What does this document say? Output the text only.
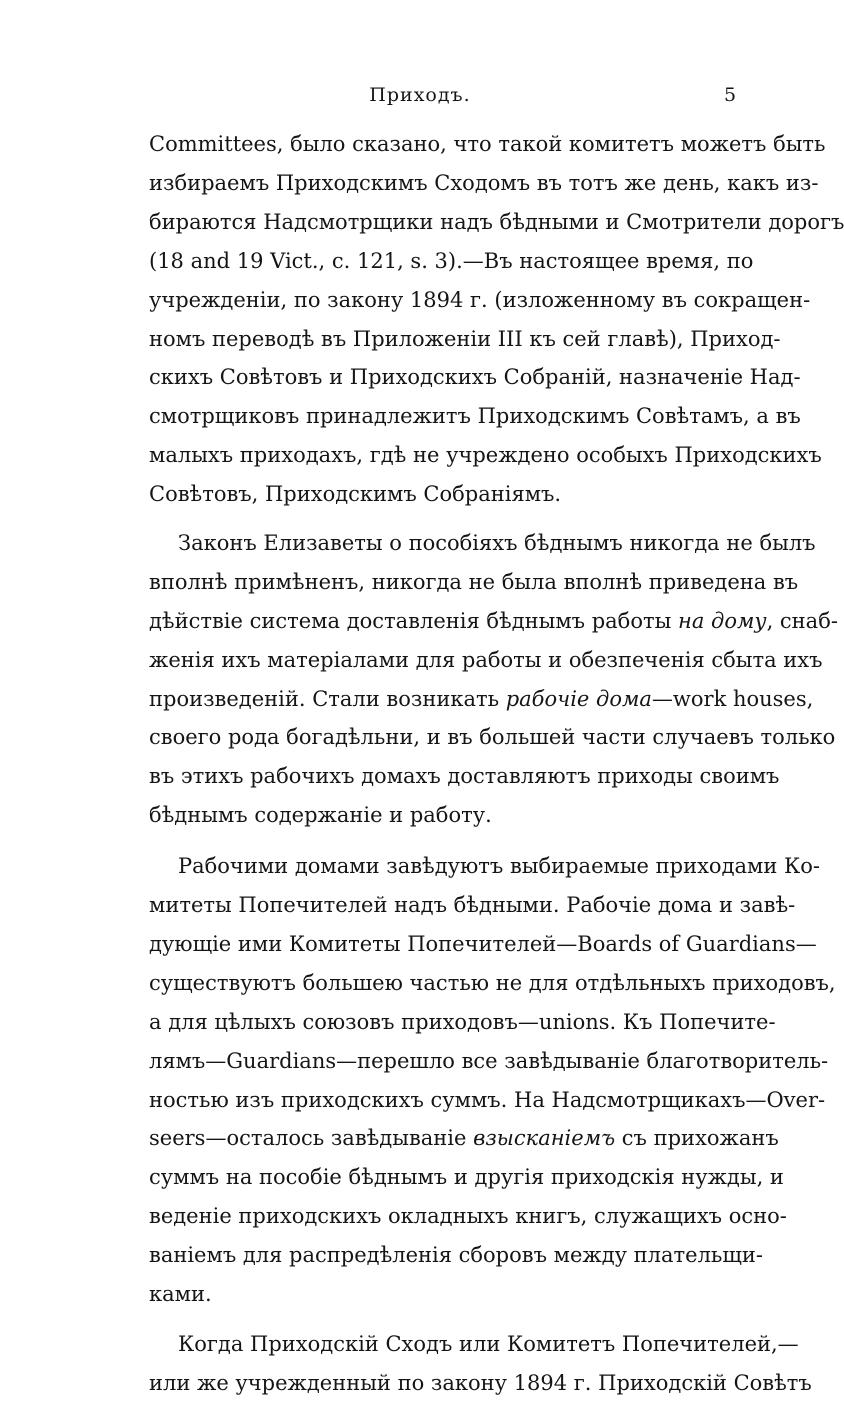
Приходъ.	5
Committees, было сказано, что такой комитетъ можетъ быть
избираемъ Приходскимъ Сходомъ въ тотъ же день, какъ из-
бираются Надсмотрщики надъ бѣдными и Смотрители дорогъ
(18 and 19 Vict., c. 121, s. 3).—Въ настоящее время, по
учрежденіи, по закону 1894 г. (изложенному въ сокращен-
номъ переводѣ въ Приложеніи III къ сей главѣ), Приход-
скихъ Совѣтовъ и Приходскихъ Собраній, назначеніе Над-
смотрщиковъ принадлежитъ Приходскимъ Совѣтамъ, а въ
малыхъ приходахъ, гдѣ не учреждено особыхъ Приходскихъ
Совѣтовъ, Приходскимъ Собраніямъ.
Законъ Елизаветы о пособіяхъ бѣднымъ никогда не былъ
вполнѣ примѣненъ, никогда не была вполнѣ приведена въ
дѣйствіе система доставленія бѣднымъ работы на дому, снаб-
женія ихъ матеріалами для работы и обезпеченія сбыта ихъ
произведеній. Стали возникать рабочіе дома—work houses,
своего рода богадѣльни, и въ большей части случаевъ только
въ этихъ рабочихъ домахъ доставляютъ приходы своимъ
бѣднымъ содержаніе и работу.
Рабочими домами завѣдуютъ выбираемые приходами Ко-
митеты Попечителей надъ бѣдными. Рабочіе дома и завѣ-
дующіе ими Комитеты Попечителей—Boards of Guardians—
существуютъ большею частью не для отдѣльныхъ приходовъ,
а для цѣлыхъ союзовъ приходовъ—unions. Къ Попечите-
лямъ—Guardians—перешло все завѣдываніе благотворитель-
ностью изъ приходскихъ суммъ. На Надсмотрщикахъ—Over-
seers—осталось завѣдываніе взысканіемъ съ прихожанъ
суммъ на пособіе бѣднымъ и другія приходскія нужды, и
веденіе приходскихъ окладныхъ книгъ, служащихъ осно-
ваніемъ для распредѣленія сборовъ между плательщи-
ками.
Когда Приходскій Сходъ или Комитетъ Попечителей,—
или же учрежденный по закону 1894 г. Приходскій Совѣтъ
